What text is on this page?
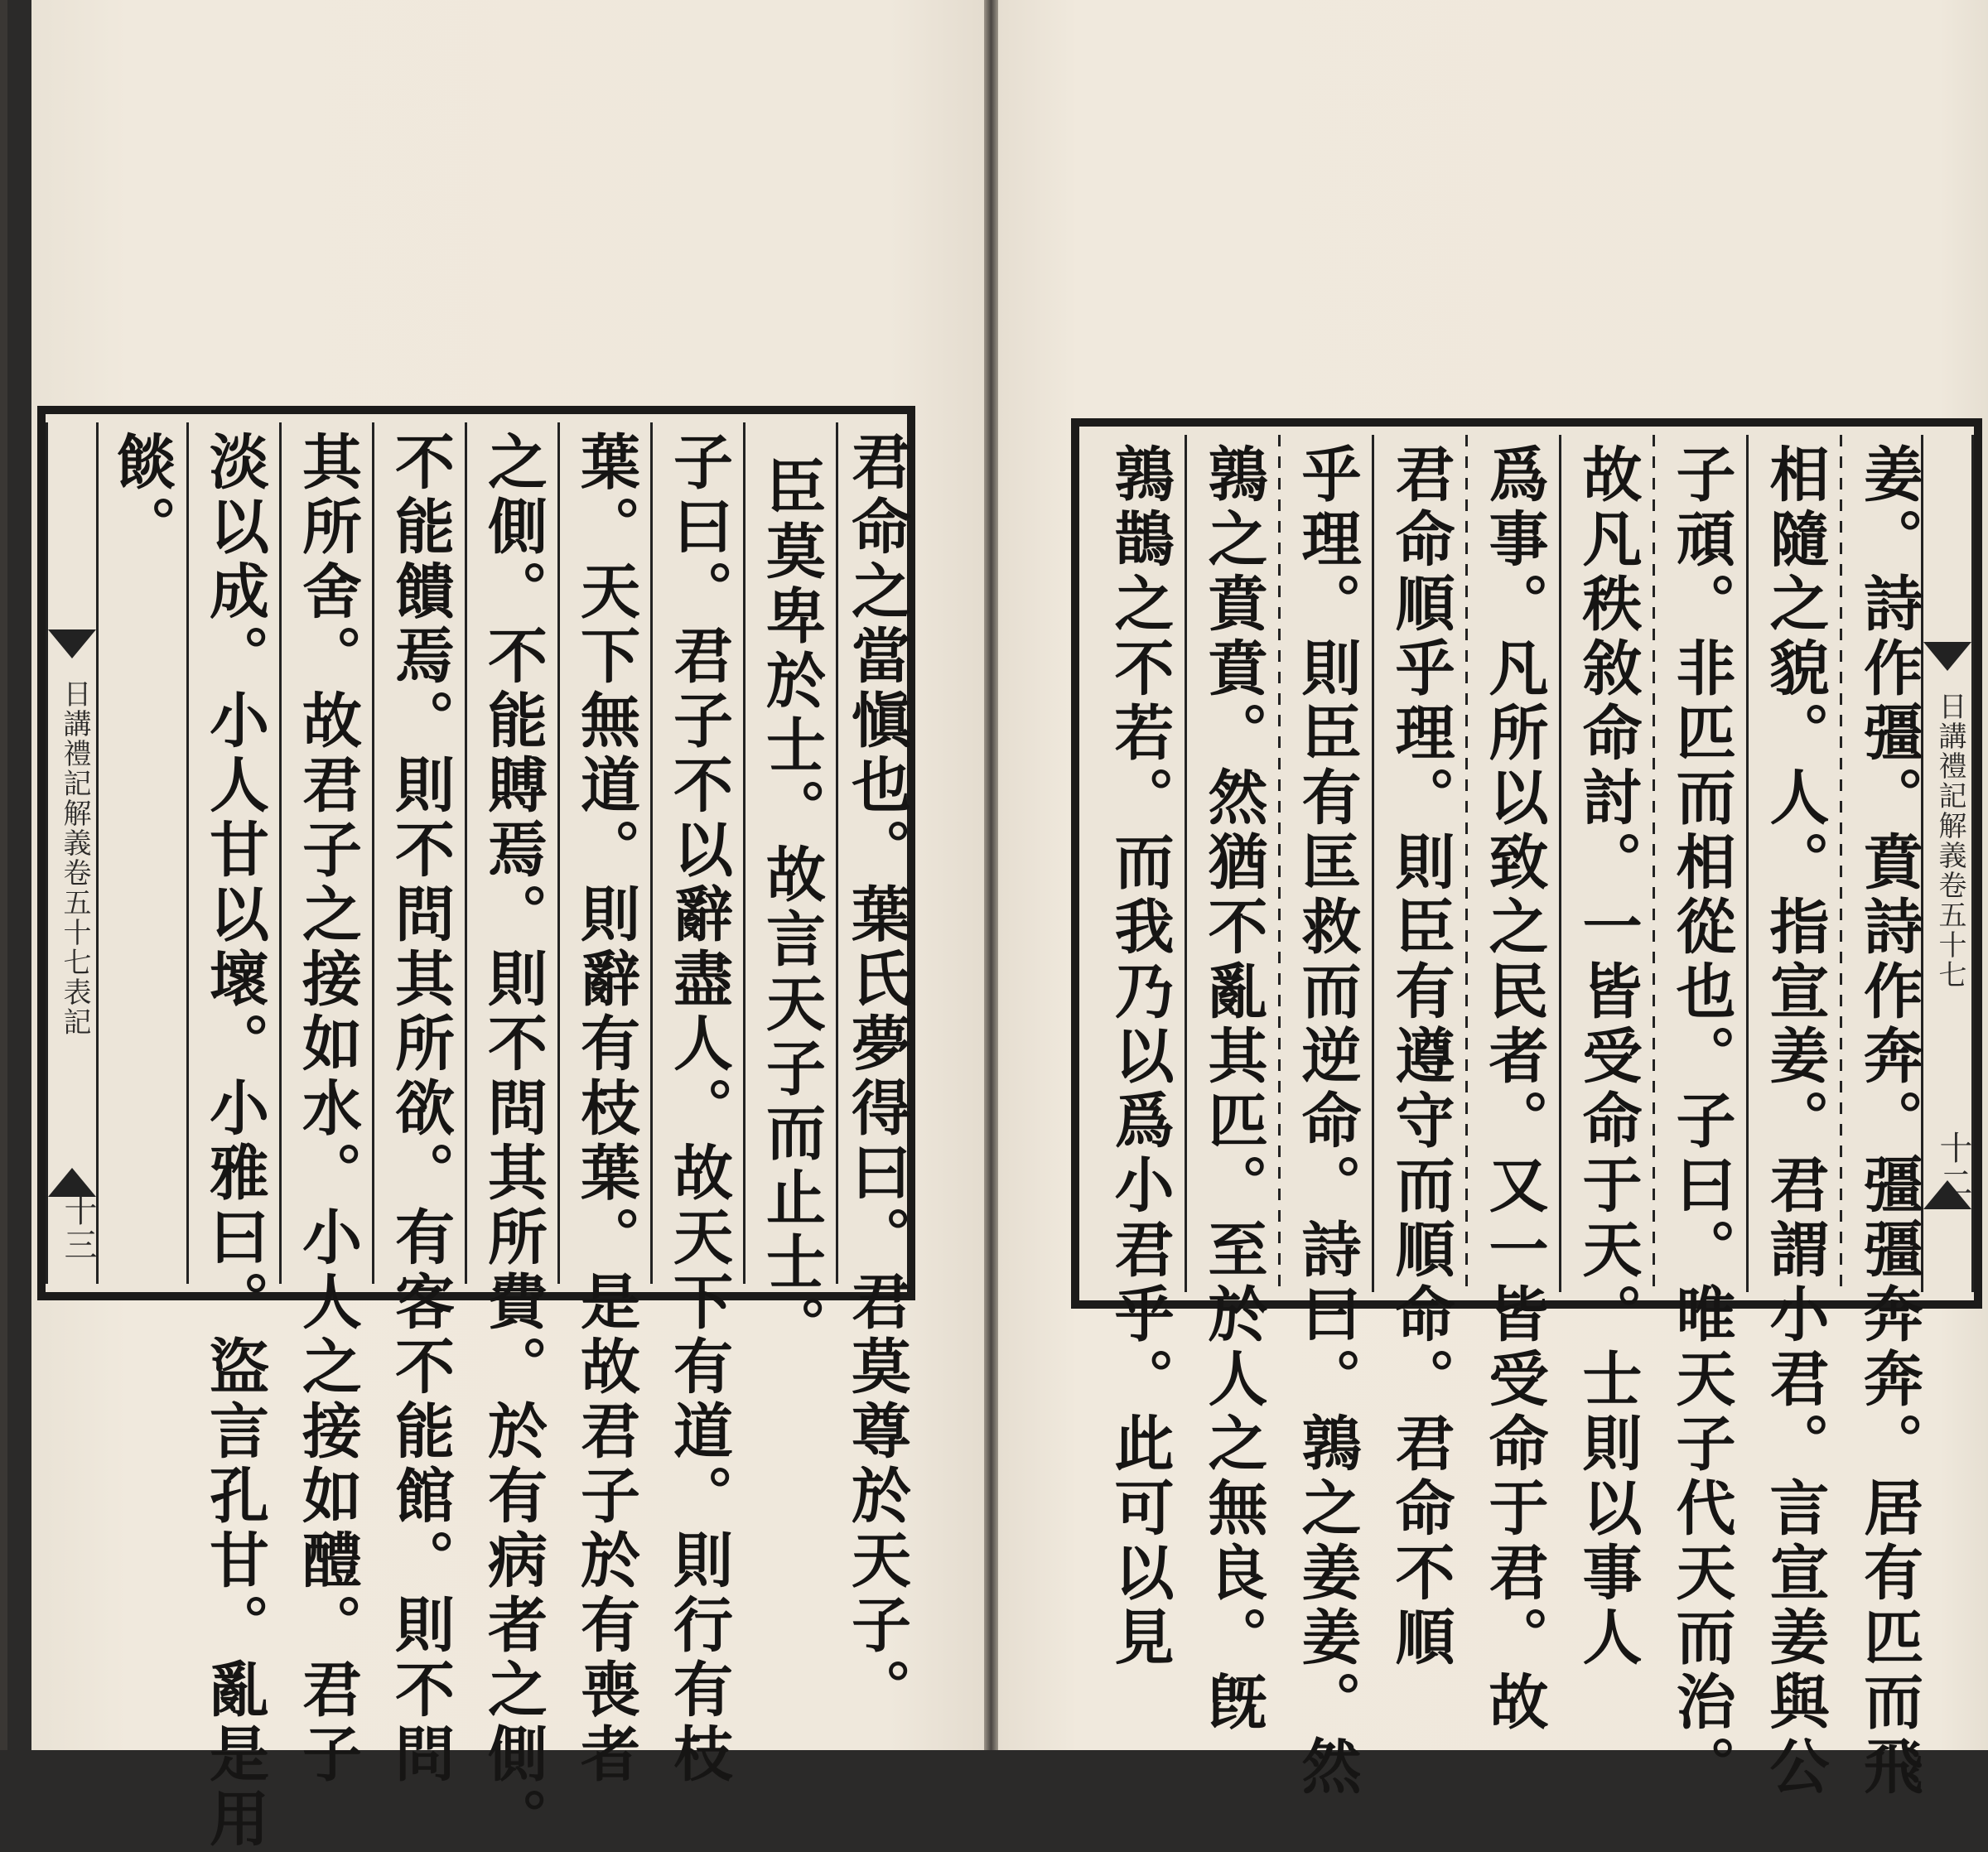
日講禮記解義卷五十七表記
十三	君命之當愼也。葉氏夢得曰。君莫尊於天子。
臣莫卑於士。故言天子而止士。
子曰。君子不以辭盡人。故天下有道。則行有枝
葉。天下無道。則辭有枝葉。是故君子於有喪者
之側。不能賻焉。則不問其所費。於有病者之側。
不能饋焉。則不問其所欲。有客不能館。則不問
其所舍。故君子之接如水。小人之接如醴。君子
淡以成。小人甘以壞。小雅曰。盜言孔甘。亂是用
餤。
日講禮記解義卷五十七
十二
姜。詩作彊。賁詩作奔。彊彊奔奔。居有匹而飛
相隨之貌。人。指宣姜。君謂小君。言宣姜與公
子頑。非匹而相從也。子曰。唯天子代天而治。
故凡秩敘命討。一皆受命于天。士則以事人
爲事。凡所以致之民者。又一皆受命于君。故
君命順乎理。則臣有遵守而順命。君命不順
乎理。則臣有匡救而逆命。詩曰。鶉之姜姜。然
鶉之賁賁。然猶不亂其匹。至於人之無良。旣
鶉鵲之不若。而我乃以爲小君乎。此可以見
